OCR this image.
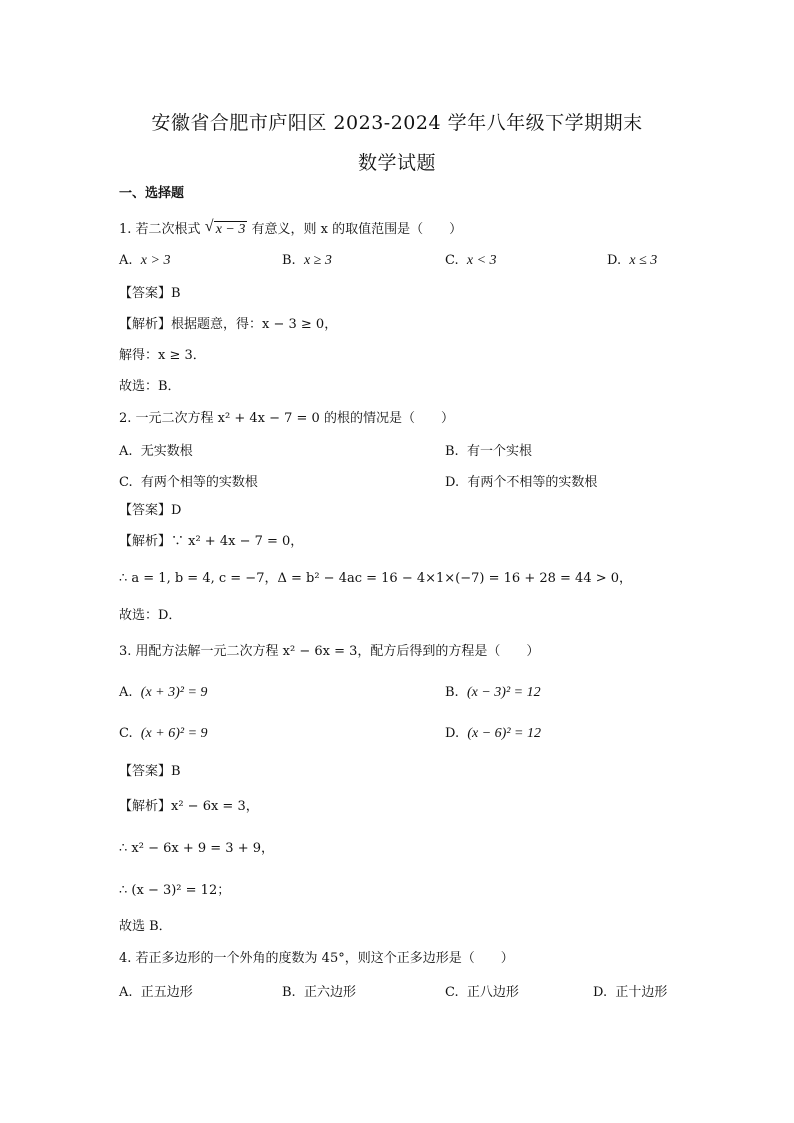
安徽省合肥市庐阳区 2023-2024 学年八年级下学期期末
数学试题
一、选择题
1. 若二次根式 √ x − 3 有意义，则 x 的取值范围是（　　）
A. x > 3	B. x ≥ 3	C. x < 3	D. x ≤ 3
【答案】B
【解析】根据题意，得：x − 3 ≥ 0，
解得：x ≥ 3．
故选：B．
2. 一元二次方程 x² + 4x − 7 = 0 的根的情况是（　　）
A. 无实数根	B. 有一个实根
C. 有两个相等的实数根	D. 有两个不相等的实数根
【答案】D
【解析】∵ x² + 4x − 7 = 0，
∴ a = 1, b = 4, c = −7，Δ = b² − 4ac = 16 − 4×1×(−7) = 16 + 28 = 44 > 0，
故选：D．
3. 用配方法解一元二次方程 x² − 6x = 3，配方后得到的方程是（　　）
A. (x + 3)² = 9	B. (x − 3)² = 12
C. (x + 6)² = 9	D. (x − 6)² = 12
【答案】B
【解析】x² − 6x = 3，
∴ x² − 6x + 9 = 3 + 9，
∴ (x − 3)² = 12；
故选 B．
4. 若正多边形的一个外角的度数为 45°，则这个正多边形是（　　）
A. 正五边形	B. 正六边形	C. 正八边形	D. 正十边形
